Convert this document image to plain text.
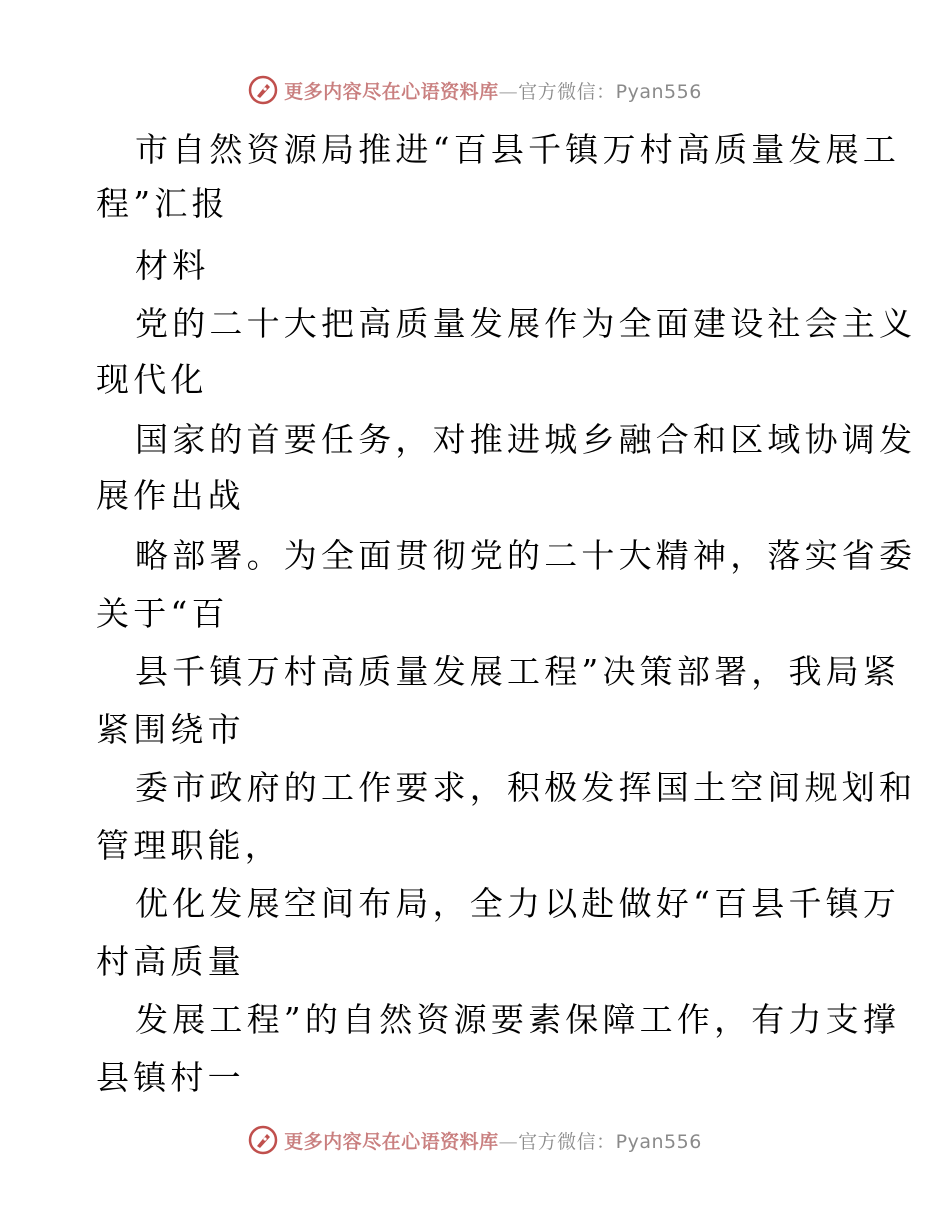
更多内容尽在心语资料库—官方微信：Pyan556
市自然资源局推进“百县千镇万村高质量发展工
程”汇报
材料
党的二十大把高质量发展作为全面建设社会主义
现代化
国家的首要任务，对推进城乡融合和区域协调发
展作出战
略部署。为全面贯彻党的二十大精神，落实省委
关于“百
县千镇万村高质量发展工程”决策部署，我局紧
紧围绕市
委市政府的工作要求，积极发挥国土空间规划和
管理职能，
优化发展空间布局，全力以赴做好“百县千镇万
村高质量
发展工程”的自然资源要素保障工作，有力支撑
县镇村一
更多内容尽在心语资料库—官方微信：Pyan556
